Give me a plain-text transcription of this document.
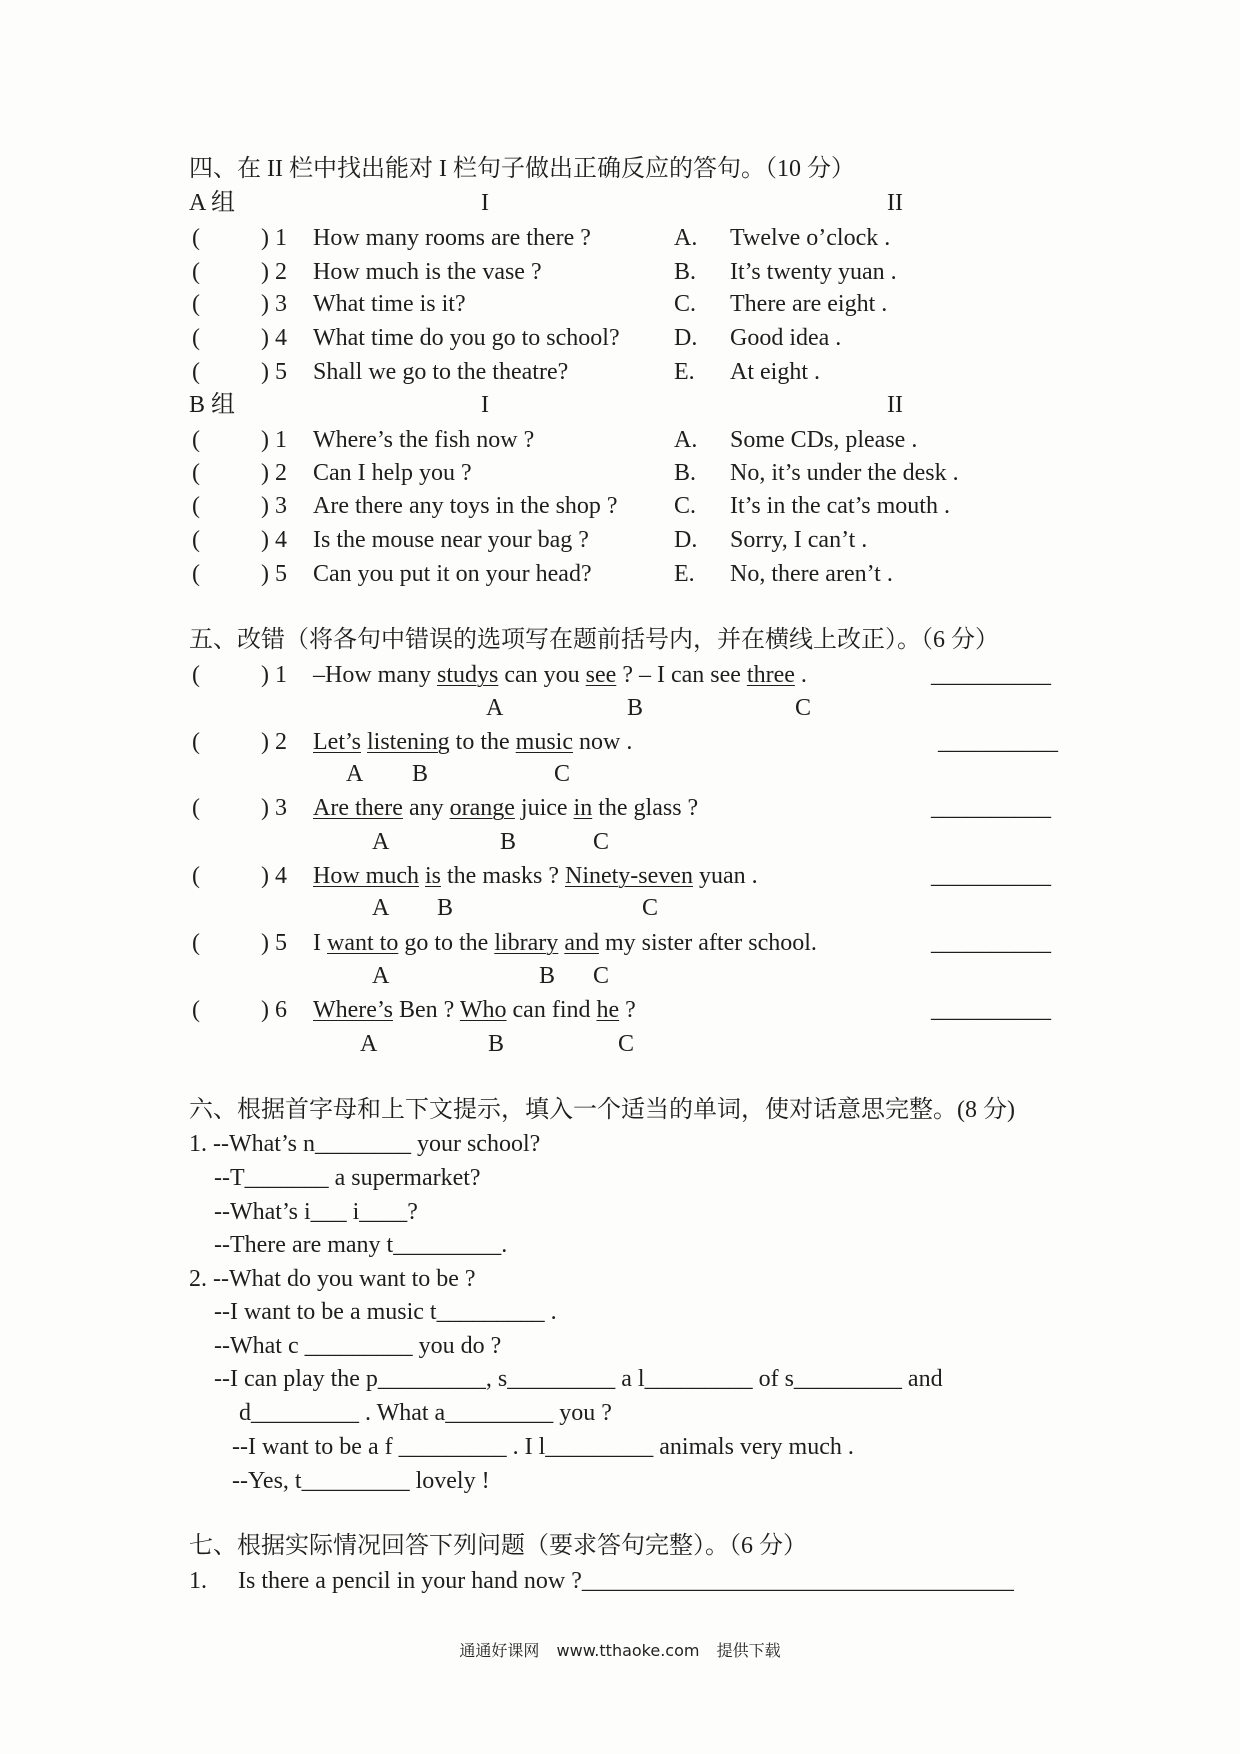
四、在 II 栏中找出能对 I 栏句子做出正确反应的答句。（10 分）
A 组	I	II
(	) 1 How many rooms are there ?	A. Twelve o’clock .
(	) 2 How much is the vase ?	B. It’s twenty yuan .
(	) 3 What time is it?	C. There are eight .
(	) 4 What time do you go to school? D. Good idea .
(	) 5 Shall we go to the theatre?	E. At eight .
B 组	I	II
(	) 1 Where’s the fish now ?	A. Some CDs, please .
(	) 2 Can I help you ?	B. No, it’s under the desk .
(	) 3 Are there any toys in the shop ? C. It’s in the cat’s mouth .
(	) 4 Is the mouse near your bag ?	D. Sorry, I can’t .
(	) 5 Can you put it on your head?	E. No, there aren’t .
五、改错（将各句中错误的选项写在题前括号内，并在横线上改正）。（6 分）
(	) 1 –How many studys can you see ? – I can see three .	__________
A	B	C
(	) 2 Let’s listening to the music now .	__________
A B	C
(	) 3 Are there any orange juice in the glass ?	__________
A	B	C
(	) 4 How much is the masks ? Ninety-seven yuan .	__________
A B	C
(	) 5 I want to go to the library and my sister after school.	__________
A	B C
(	) 6 Where’s Ben ? Who can find he ?	__________
A	B	C
六、根据首字母和上下文提示，填入一个适当的单词，使对话意思完整。(8 分)
1. --What’s n________ your school?
--T_______ a supermarket?
--What’s i___ i____?
--There are many t_________.
2. --What do you want to be ?
--I want to be a music t_________ .
--What c _________ you do ?
--I can play the p_________, s_________ a l_________ of s_________ and
d_________ . What a_________ you ?
--I want to be a f _________ . I l_________ animals very much .
--Yes, t_________ lovely !
七、根据实际情况回答下列问题（要求答句完整）。（6 分）
1. Is there a pencil in your hand now ?____________________________________
通通好课网 www.tthaoke.com 提供下载
